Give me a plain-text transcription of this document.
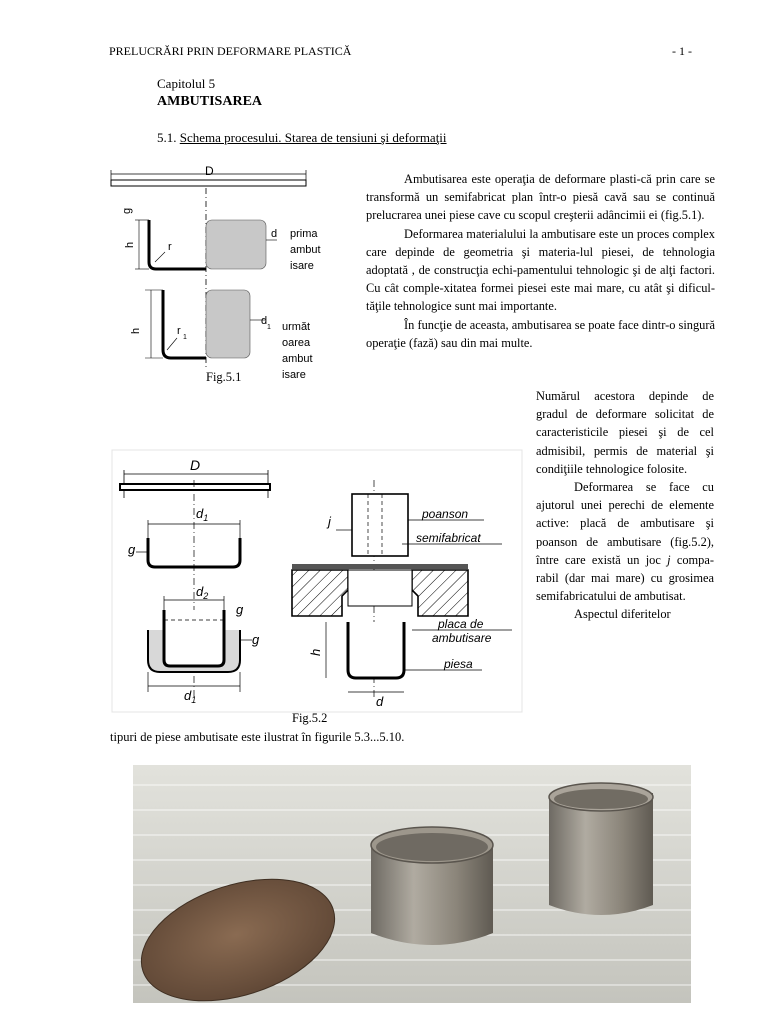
PRELUCRĂRI PRIN DEFORMARE PLASTICĂ	- 1 -
Capitolul 5
AMBUTISAREA
5.1. Schema procesului. Starea de tensiuni şi deformaţii
D
g
h	r
d prima
ambut
isare
h	r
1
d
1 următ
oarea
ambut
isare
Fig.5.1

Ambutisarea este operaţia de deformare plasti-că prin care se transformă un semifabricat plan într-o piesă cavă sau se continuă prelucrarea unei piese cave cu scopul creşterii adâncimii ei (fig.5.1).

Deformarea materialului la ambutisare este un proces complex care depinde de geometria şi materia-lul piesei, de tehnologia adoptată , de construcţia echi-pamentului tehnologic şi de alţi factori. Cu cât comple-xitatea formei piesei este mai mare, cu atât şi dificul-tăţile tehnologice sunt mai importante.

În funcţie de aceasta, ambutisarea se poate face dintr-o singură operaţie (fază) sau din mai multe.

Numărul acestora depinde de gradul de deformare solicitat de caracteristicile piesei şi de cel admisibil, permis de material şi condiţiile tehnologice folosite.

Deformarea se face cu ajutorul unei perechi de elemente active: placă de ambutisare şi poanson de ambutisare (fig.5.2), între care există un joc j compa-rabil (dar mai mare) cu grosimea semifabricatului de ambutisat.

Aspectul diferitelor

D
$d_1$
g
$d_2$
g
g
$d_1$
poanson
j
semifabricat
placa de
ambutisare
piesa
h
d
Fig.5.2
tipuri de piese ambutisate este ilustrat în figurile 5.3...5.10.
